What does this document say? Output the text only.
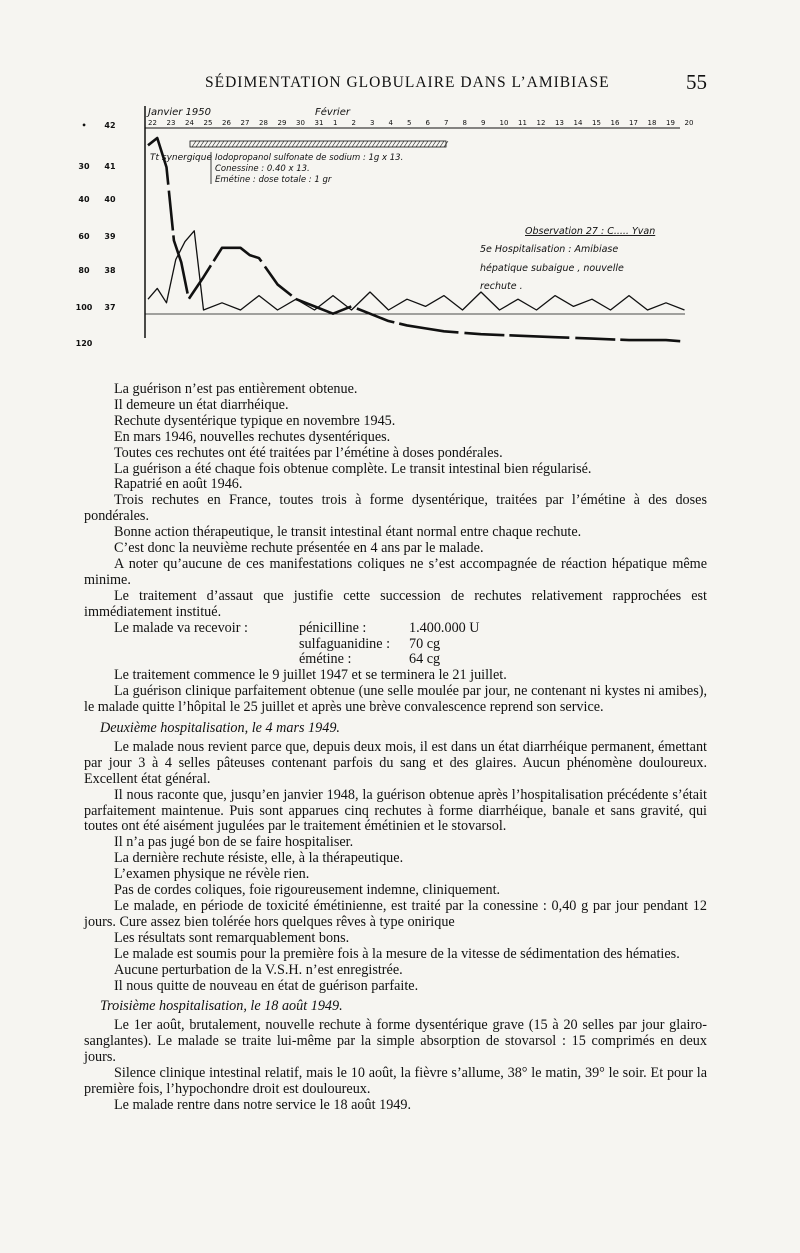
SÉDIMENTATION GLOBULAIRE DANS L’AMIBIASE	55
Janvier 1950	Février
22 23 24 25 26 27 28 29 30 31 1 2 3 4 5 6 7 8 9 10 11 12 13 14 15 16 17 18 19 20
•
30
40
60
80
100
120
42
41
40
39
38
37
Tt synergique Iodopropanol sulfonate de sodium : 1g x 13.
Conessine : 0.40 x 13.
Emétine : dose totale : 1 gr
Observation 27 : C..... Yvan
5e Hospitalisation : Amibiase
hépatique subaigue , nouvelle
rechute .

La guérison n’est pas entièrement obtenue.

Il demeure un état diarrhéique.

Rechute dysentérique typique en novembre 1945.

En mars 1946, nouvelles rechutes dysentériques.

Toutes ces rechutes ont été traitées par l’émétine à doses pondérales.

La guérison a été chaque fois obtenue complète. Le transit intestinal bien régularisé.

Rapatrié en août 1946.

Trois rechutes en France, toutes trois à forme dysentérique, traitées par l’émétine à des doses pondérales.

Bonne action thérapeutique, le transit intestinal étant normal entre chaque rechute.

C’est donc la neuvième rechute présentée en 4 ans par le malade.

A noter qu’aucune de ces manifestations coliques ne s’est accompagnée de réaction hépatique même minime.

Le traitement d’assaut que justifie cette succession de rechutes relativement rapprochées est immédiatement institué.

Le malade va recevoir :	pénicilline :	1.400.000 U
sulfaguanidine :	70 cg
émétine :	64 cg

Le traitement commence le 9 juillet 1947 et se terminera le 21 juillet.

La guérison clinique parfaitement obtenue (une selle moulée par jour, ne contenant ni kystes ni amibes), le malade quitte l’hôpital le 25 juillet et après une brève convalescence reprend son service.

Deuxième hospitalisation, le 4 mars 1949.

Le malade nous revient parce que, depuis deux mois, il est dans un état diarrhéique permanent, émettant par jour 3 à 4 selles pâteuses contenant parfois du sang et des glaires. Aucun phénomène douloureux. Excellent état général.

Il nous raconte que, jusqu’en janvier 1948, la guérison obtenue après l’hospitalisation précédente s’était parfaitement maintenue. Puis sont apparues cinq rechutes à forme diarrhéique, banale et sans gravité, qui toutes ont été aisément jugulées par le traitement émétinien et le stovarsol.

Il n’a pas jugé bon de se faire hospitaliser.

La dernière rechute résiste, elle, à la thérapeutique.

L’examen physique ne révèle rien.

Pas de cordes coliques, foie rigoureusement indemne, cliniquement.

Le malade, en période de toxicité émétinienne, est traité par la conessine : 0,40 g par jour pendant 12 jours. Cure assez bien tolérée hors quelques rêves à type onirique

Les résultats sont remarquablement bons.

Le malade est soumis pour la première fois à la mesure de la vitesse de sédimentation des hématies.

Aucune perturbation de la V.S.H. n’est enregistrée.

Il nous quitte de nouveau en état de guérison parfaite.

Troisième hospitalisation, le 18 août 1949.

Le 1er août, brutalement, nouvelle rechute à forme dysentérique grave (15 à 20 selles par jour glairo-sanglantes). Le malade se traite lui-même par la simple absorption de stovarsol : 15 comprimés en deux jours.

Silence clinique intestinal relatif, mais le 10 août, la fièvre s’allume, 38° le matin, 39° le soir. Et pour la première fois, l’hypochondre droit est douloureux.

Le malade rentre dans notre service le 18 août 1949.
